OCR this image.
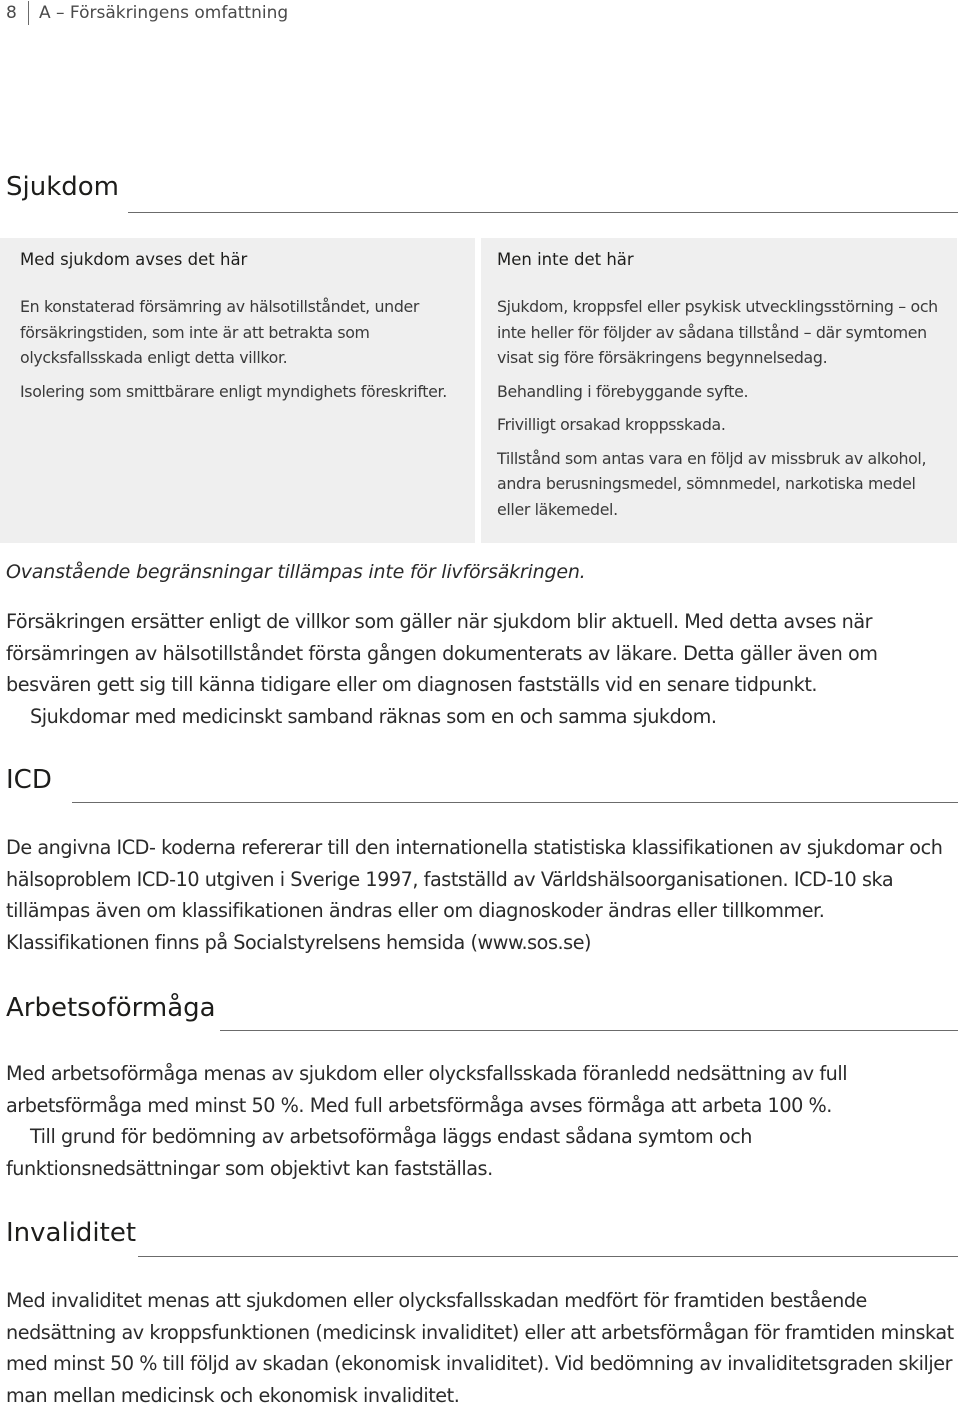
8	A – Försäkringens omfattning
Sjukdom
Med sjukdom avses det här

En konstaterad försämring av hälsotillståndet, under försäkringstiden, som inte är att betrakta som olycksfallsskada enligt detta villkor.

Isolering som smittbärare enligt myndighets föreskrifter.

Men inte det här

Sjukdom, kroppsfel eller psykisk utvecklingsstörning – och inte heller för följder av sådana tillstånd – där symtomen visat sig före försäkringens begynnelsedag.

Behandling i förebyggande syfte.

Frivilligt orsakad kroppsskada.

Tillstånd som antas vara en följd av missbruk av alkohol, andra berusningsmedel, sömnmedel, narkotiska medel eller läkemedel.

Ovanstående begränsningar tillämpas inte för livförsäkringen.

Försäkringen ersätter enligt de villkor som gäller när sjukdom blir aktuell. Med detta avses när försämringen av hälsotillståndet första gången dokumenterats av läkare. Detta gäller även om besvären gett sig till känna tidigare eller om diagnosen fastställs vid en senare tidpunkt.
Sjukdomar med medicinskt samband räknas som en och samma sjukdom.

ICD

De angivna ICD- koderna refererar till den internationella statistiska klassifikationen av sjukdomar och hälsoproblem ICD-10 utgiven i Sverige 1997, fastställd av Världshälsoorganisationen. ICD-10 ska tillämpas även om klassifikationen ändras eller om diagnoskoder ändras eller tillkommer. Klassifikationen finns på Socialstyrelsens hemsida (www.sos.se)

Arbetsoförmåga

Med arbetsoförmåga menas av sjukdom eller olycksfallsskada föranledd nedsättning av full arbetsförmåga med minst 50 %. Med full arbetsförmåga avses förmåga att arbeta 100 %.
Till grund för bedömning av arbetsoförmåga läggs endast sådana symtom och funktionsnedsättningar som objektivt kan fastställas.

Invaliditet

Med invaliditet menas att sjukdomen eller olycksfallsskadan medfört för framtiden bestående nedsättning av kroppsfunktionen (medicinsk invaliditet) eller att arbetsförmågan för framtiden minskat med minst 50 % till följd av skadan (ekonomisk invaliditet). Vid bedömning av invaliditetsgraden skiljer man mellan medicinsk och ekonomisk invaliditet.
